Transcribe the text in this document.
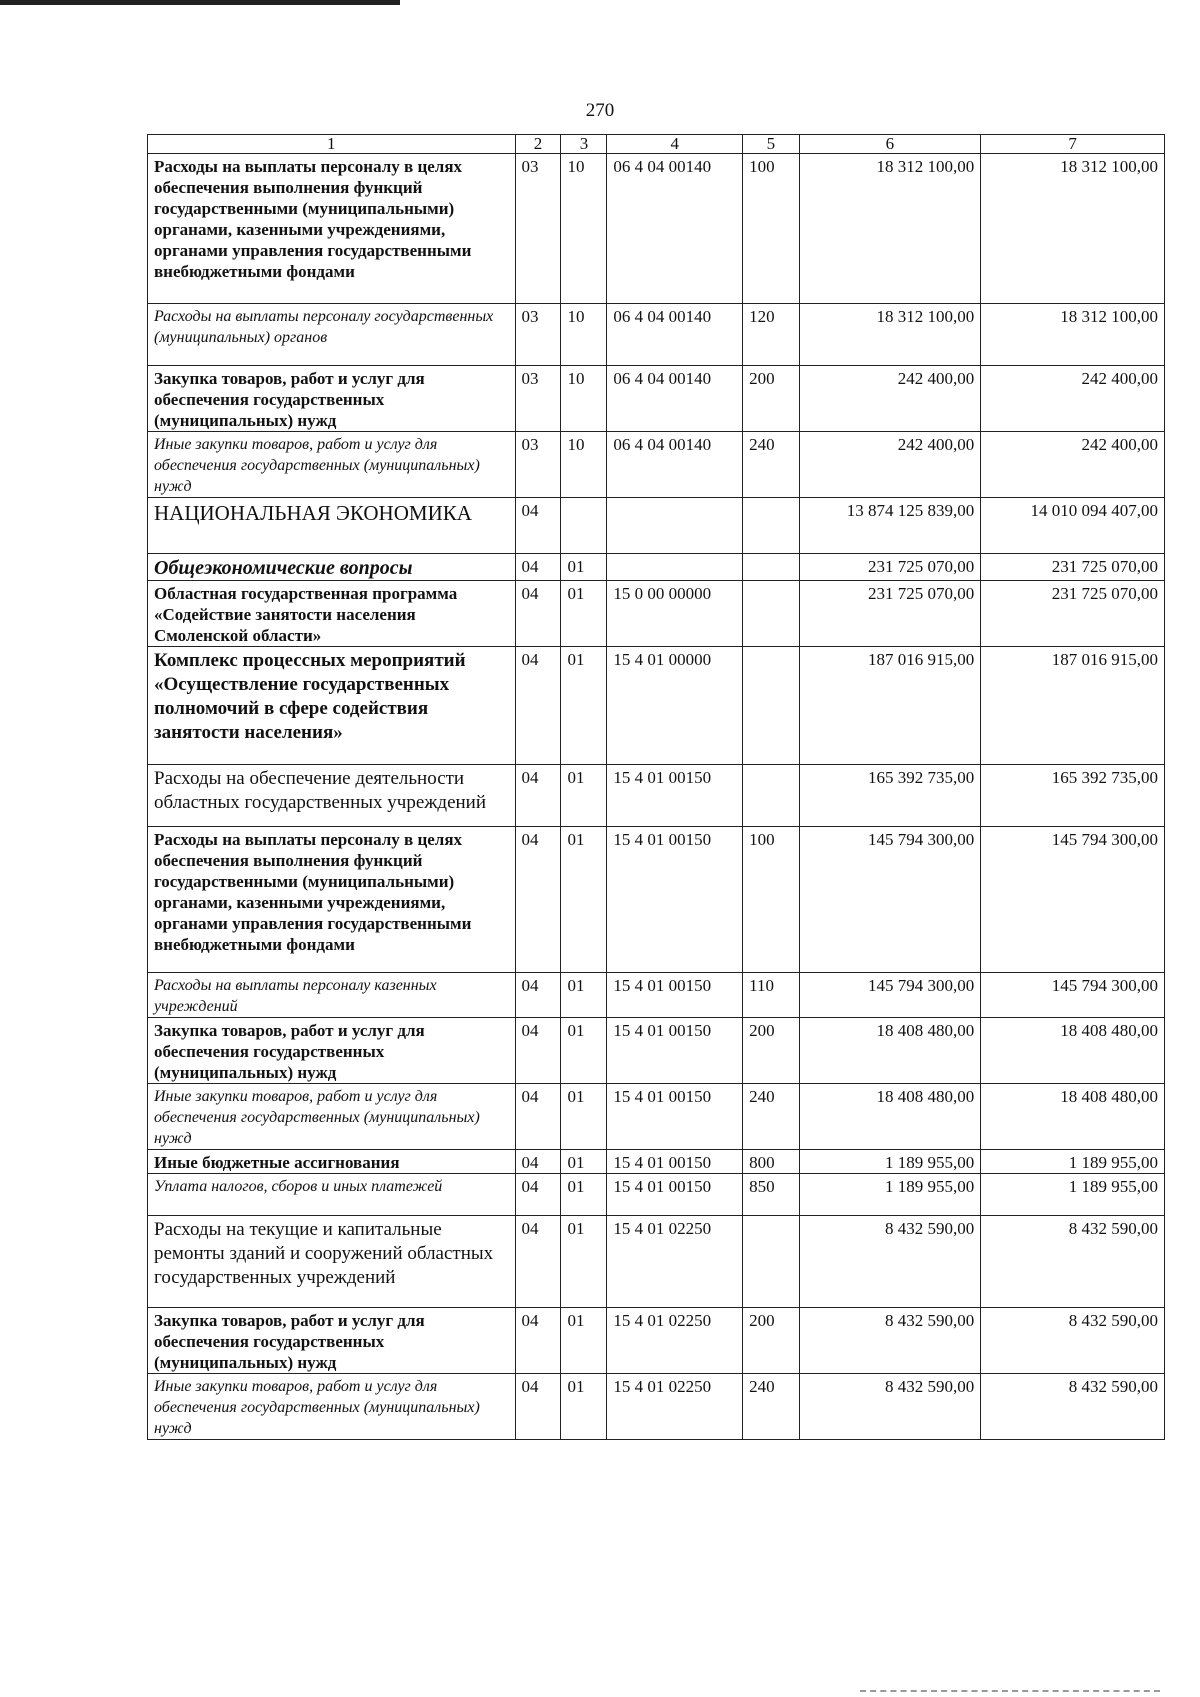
270
1	2	3	4	5	6	7
Расходы на выплаты персоналу в целях обеспечения выполнения функций государственными (муниципальными) органами, казенными учреждениями, органами управления государственными внебюджетными фондами	03	10	06 4 04 00140	100	18 312 100,00	18 312 100,00
Расходы на выплаты персоналу государственных (муниципальных) органов	03	10	06 4 04 00140	120	18 312 100,00	18 312 100,00
Закупка товаров, работ и услуг для обеспечения государственных (муниципальных) нужд	03	10	06 4 04 00140	200	242 400,00	242 400,00
Иные закупки товаров, работ и услуг для обеспечения государственных (муниципальных) нужд	03	10	06 4 04 00140	240	242 400,00	242 400,00
НАЦИОНАЛЬНАЯ ЭКОНОМИКА	04				13 874 125 839,00	14 010 094 407,00
Общеэкономические вопросы	04	01			231 725 070,00	231 725 070,00
Областная государственная программа «Содействие занятости населения Смоленской области»	04	01	15 0 00 00000		231 725 070,00	231 725 070,00
Комплекс процессных мероприятий «Осуществление государственных полномочий в сфере содействия занятости населения»	04	01	15 4 01 00000		187 016 915,00	187 016 915,00
Расходы на обеспечение деятельности областных государственных учреждений	04	01	15 4 01 00150		165 392 735,00	165 392 735,00
Расходы на выплаты персоналу в целях обеспечения выполнения функций государственными (муниципальными) органами, казенными учреждениями, органами управления государственными внебюджетными фондами	04	01	15 4 01 00150	100	145 794 300,00	145 794 300,00
Расходы на выплаты персоналу казенных учреждений	04	01	15 4 01 00150	110	145 794 300,00	145 794 300,00
Закупка товаров, работ и услуг для обеспечения государственных (муниципальных) нужд	04	01	15 4 01 00150	200	18 408 480,00	18 408 480,00
Иные закупки товаров, работ и услуг для обеспечения государственных (муниципальных) нужд	04	01	15 4 01 00150	240	18 408 480,00	18 408 480,00
Иные бюджетные ассигнования	04	01	15 4 01 00150	800	1 189 955,00	1 189 955,00
Уплата налогов, сборов и иных платежей	04	01	15 4 01 00150	850	1 189 955,00	1 189 955,00
Расходы на текущие и капитальные ремонты зданий и сооружений областных государственных учреждений	04	01	15 4 01 02250		8 432 590,00	8 432 590,00
Закупка товаров, работ и услуг для обеспечения государственных (муниципальных) нужд	04	01	15 4 01 02250	200	8 432 590,00	8 432 590,00
Иные закупки товаров, работ и услуг для обеспечения государственных (муниципальных) нужд	04	01	15 4 01 02250	240	8 432 590,00	8 432 590,00
